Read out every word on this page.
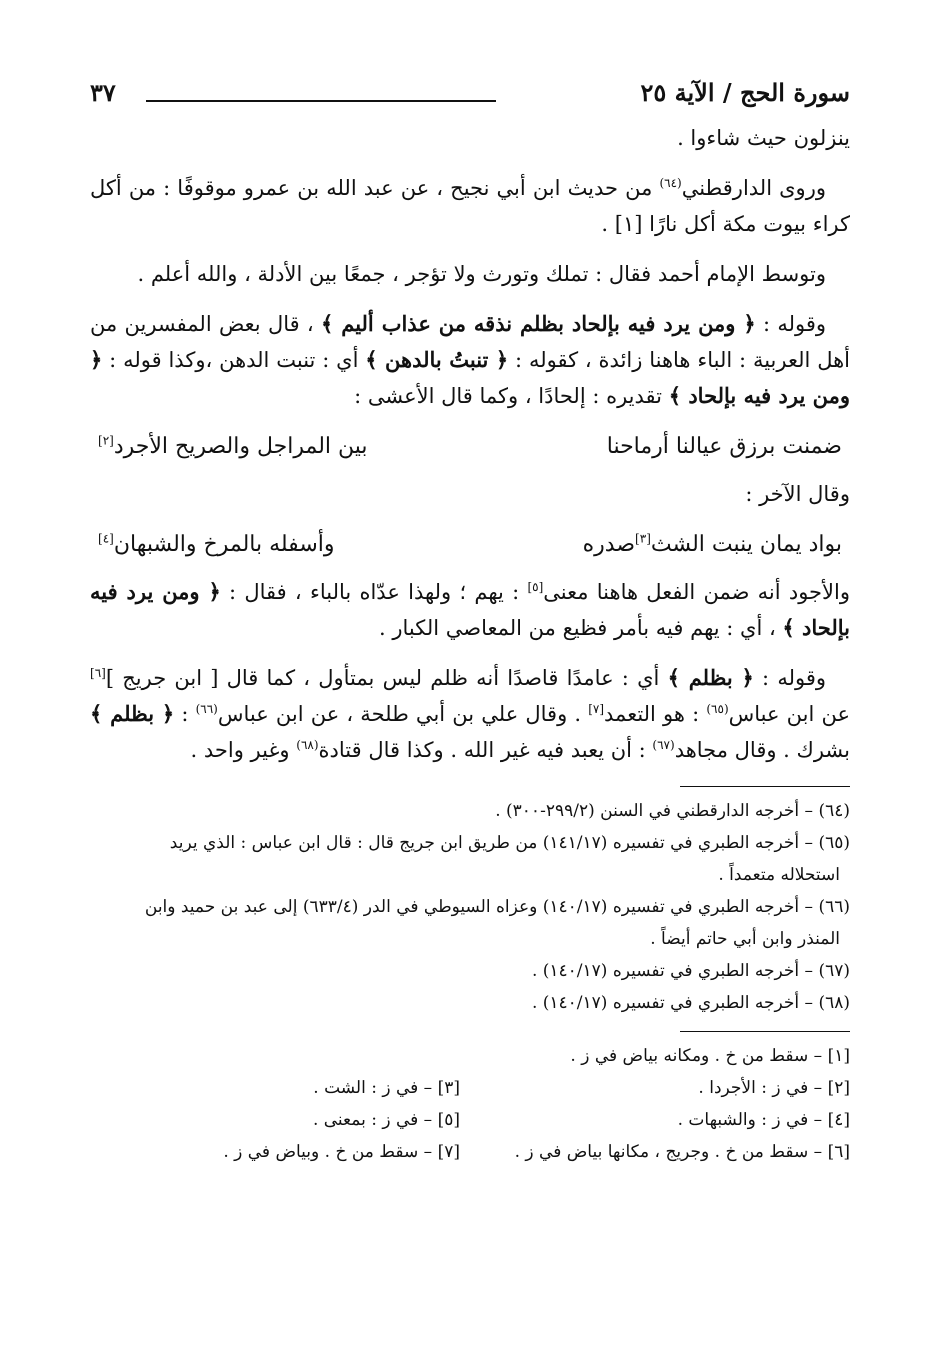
سورة الحج / الآية ٢٥
٣٧

ينزلون حيث شاءوا .

وروى الدارقطني$^{(٦٤)}$ من حديث ابن أبي نجيح ، عن عبد الله بن عمرو موقوفًا : من أكل كراء بيوت مكة أكل نارًا [١] .

وتوسط الإمام أحمد فقال : تملك وتورث ولا تؤجر ، جمعًا بين الأدلة ، والله أعلم .

وقوله : ﴿ ومن يرد فيه بإلحاد بظلم نذقه من عذاب أليم ﴾ ، قال بعض المفسرين من أهل العربية : الباء هاهنا زائدة ، كقوله : ﴿ تنبتُ بالدهن ﴾ أي : تنبت الدهن ،وكذا قوله : ﴿ ومن يرد فيه بإلحاد ﴾ تقديره : إلحادًا ، وكما قال الأعشى :

ضمنت برزق عيالنا أرماحنا
بين المراجل والصريح الأجرد[٢]

وقال الآخر :

بواد يمان ينبت الشث[٣]صدره
وأسفله بالمرخ والشبهان[٤]

والأجود أنه ضمن الفعل هاهنا معنى[٥] : يهم ؛ ولهذا عدّاه بالباء ، فقال : ﴿ ومن يرد فيه بإلحاد ﴾ ، أي : يهم فيه بأمر فظيع من المعاصي الكبار .

وقوله : ﴿ بظلم ﴾ أي : عامدًا قاصدًا أنه ظلم ليس بمتأول ، كما قال [ ابن جريج ][٦] عن ابن عباس$^{(٦٥)}$ : هو التعمد[٧] . وقال علي بن أبي طلحة ، عن ابن عباس$^{(٦٦)}$ : ﴿ بظلم ﴾ بشرك . وقال مجاهد$^{(٦٧)}$ : أن يعبد فيه غير الله . وكذا قال قتادة$^{(٦٨)}$ وغير واحد .

(٦٤) – أخرجه الدارقطني في السنن (٢٩٩/٢-٣٠٠) .

(٦٥) – أخرجه الطبري في تفسيره (١٤١/١٧) من طريق ابن جريج قال : قال ابن عباس : الذي يريد

استحلاله متعمداً .

(٦٦) – أخرجه الطبري في تفسيره (١٤٠/١٧) وعزاه السيوطي في الدر (٦٣٣/٤) إلى عبد بن حميد وابن

المنذر وابن أبي حاتم أيضاً .

(٦٧) – أخرجه الطبري في تفسيره (١٤٠/١٧) .

(٦٨) – أخرجه الطبري في تفسيره (١٤٠/١٧) .

[١] – سقط من خ . ومكانه بياض في ز .
[٢] – في ز : الأجردا .
[٣] – في ز : الشت .
[٤] – في ز : والشبهات .
[٥] – في ز : بمعنى .
[٦] – سقط من خ . وجريج ، مكانها بياض في ز .
[٧] – سقط من خ . وبياض في ز .
